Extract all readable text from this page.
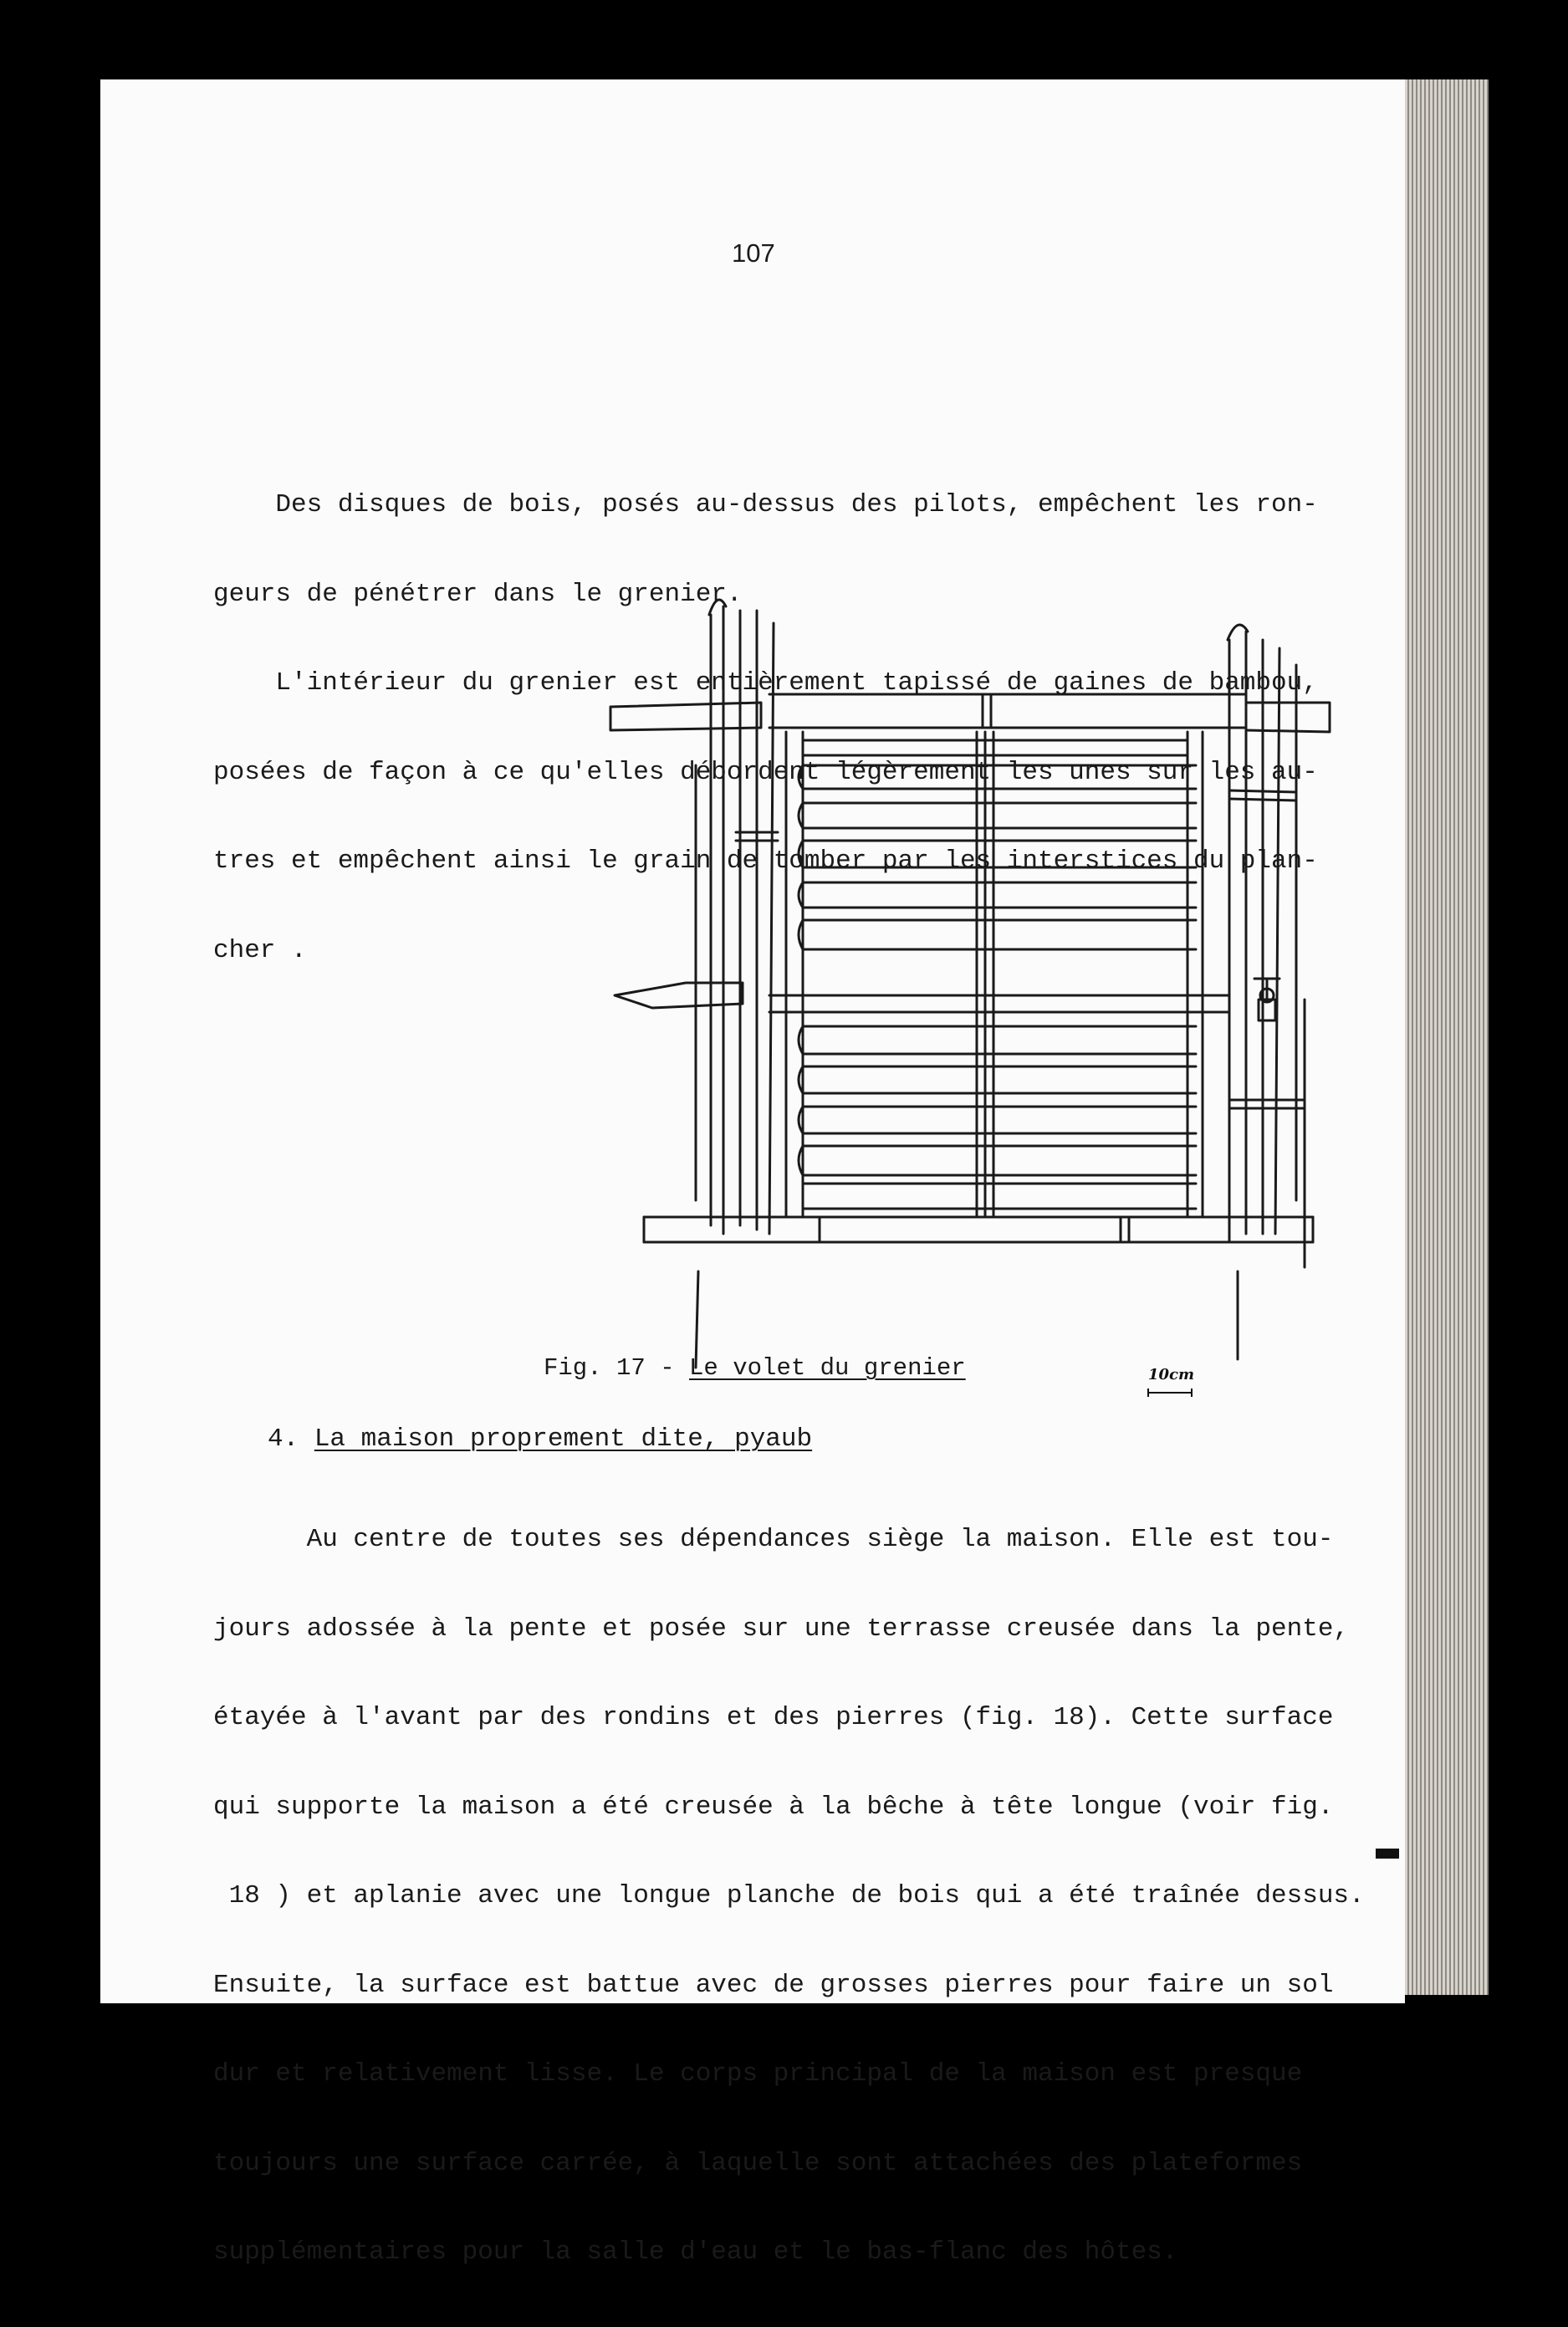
107

Des disques de bois, posés au-dessus des pilots, empêchent les ron-

geurs de pénétrer dans le grenier.

L'intérieur du grenier est entièrement tapissé de gaines de bambou,

posées de façon à ce qu'elles débordent légèrement les unes sur les au-

tres et empêchent ainsi le grain de tomber par les interstices du plan-

cher .

Fig. 17 - Le volet du grenier	10cm
4. La maison proprement dite, pyaub

Au centre de toutes ses dépendances siège la maison. Elle est tou-

jours adossée à la pente et posée sur une terrasse creusée dans la pente,

étayée à l'avant par des rondins et des pierres (fig. 18). Cette surface

qui supporte la maison a été creusée à la bêche à tête longue (voir fig.

18 ) et aplanie avec une longue planche de bois qui a été traînée dessus.

Ensuite, la surface est battue avec de grosses pierres pour faire un sol

dur et relativement lisse. Le corps principal de la maison est presque

toujours une surface carrée, à laquelle sont attachées des plateformes

supplémentaires pour la salle d'eau et le bas-flanc des hôtes.
